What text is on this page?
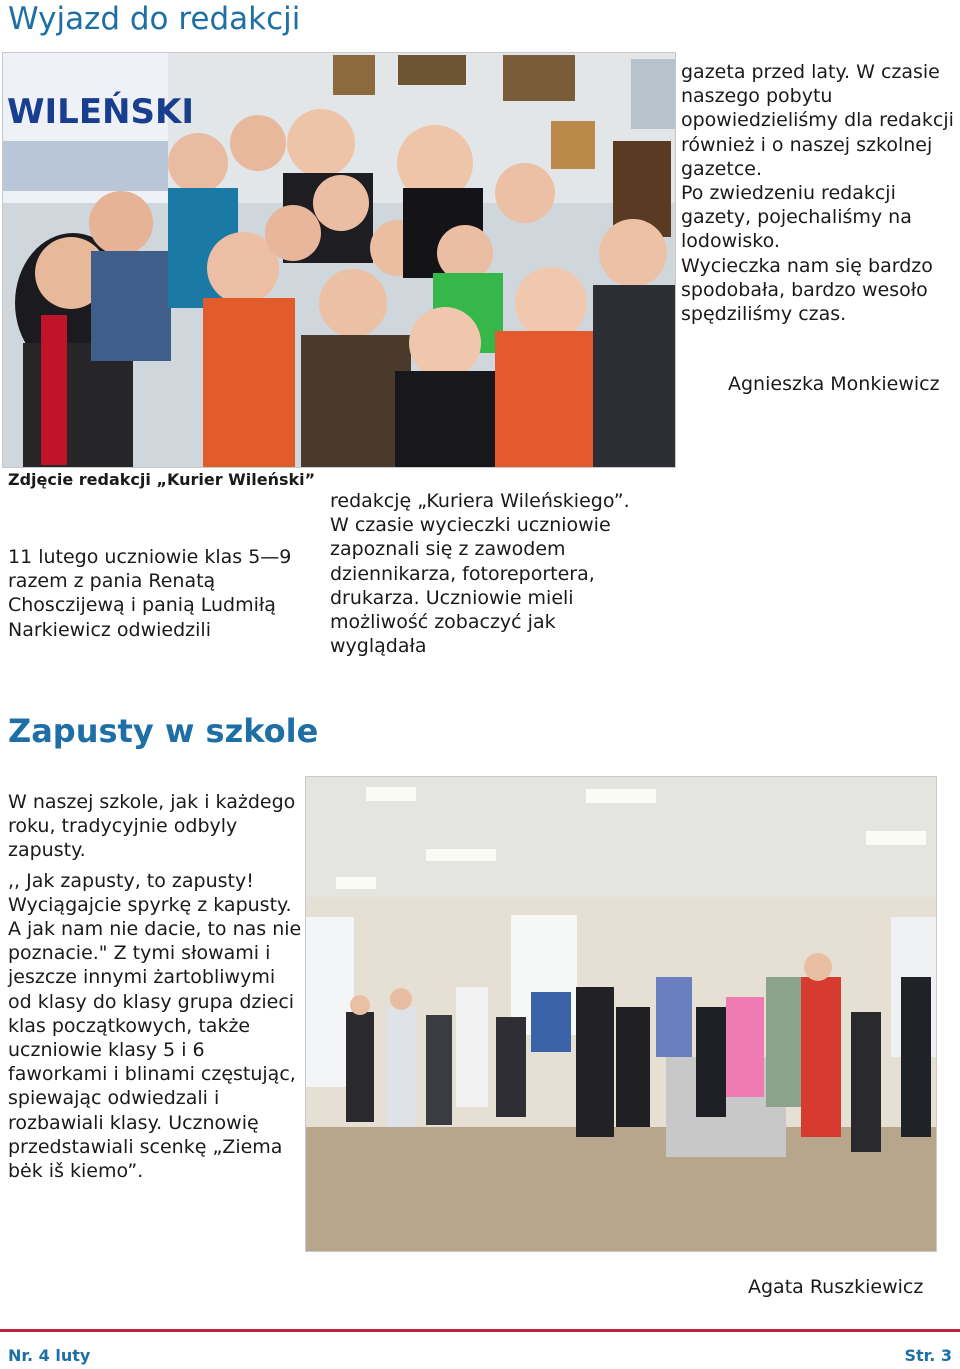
Wyjazd do redakcji
WILEŃSKI
Zdjęcie redakcji „Kurier Wileński”

11 lutego uczniowie klas 5—9 razem z pania Renatą Chosczijewą i panią Ludmiłą Narkiewicz odwiedzili

redakcję „Kuriera Wileńskiego”. W czasie wycieczki uczniowie zapoznali się z zawodem dziennikarza, fotoreportera, drukarza. Uczniowie mieli możliwość zobaczyć jak wyglądała

gazeta przed laty. W czasie naszego pobytu opowiedzieliśmy dla redakcji również i o naszej szkolnej gazetce.

Po zwiedzeniu redakcji gazety, pojechaliśmy na lodowisko.

Wycieczka nam się bardzo spodobała, bardzo wesoło spędziliśmy czas.

Agnieszka Monkiewicz
Zapusty w szkole

W naszej szkole, jak i każdego roku, tradycyjnie odbyly zapusty.

,, Jak zapusty, to zapusty! Wyciągajcie spyrkę z kapusty. A jak nam nie dacie, to nas nie poznacie." Z tymi słowami i jeszcze innymi żartobliwymi od klasy do klasy grupa dzieci klas początkowych, także uczniowie klasy 5 i 6 faworkami i blinami częstując, spiewając odwiedzali i rozbawiali klasy. Ucznowię przedstawiali scenkę „Ziema bėk iš kiemo”.

Agata Ruszkiewicz
Nr. 4 luty	Str. 3
